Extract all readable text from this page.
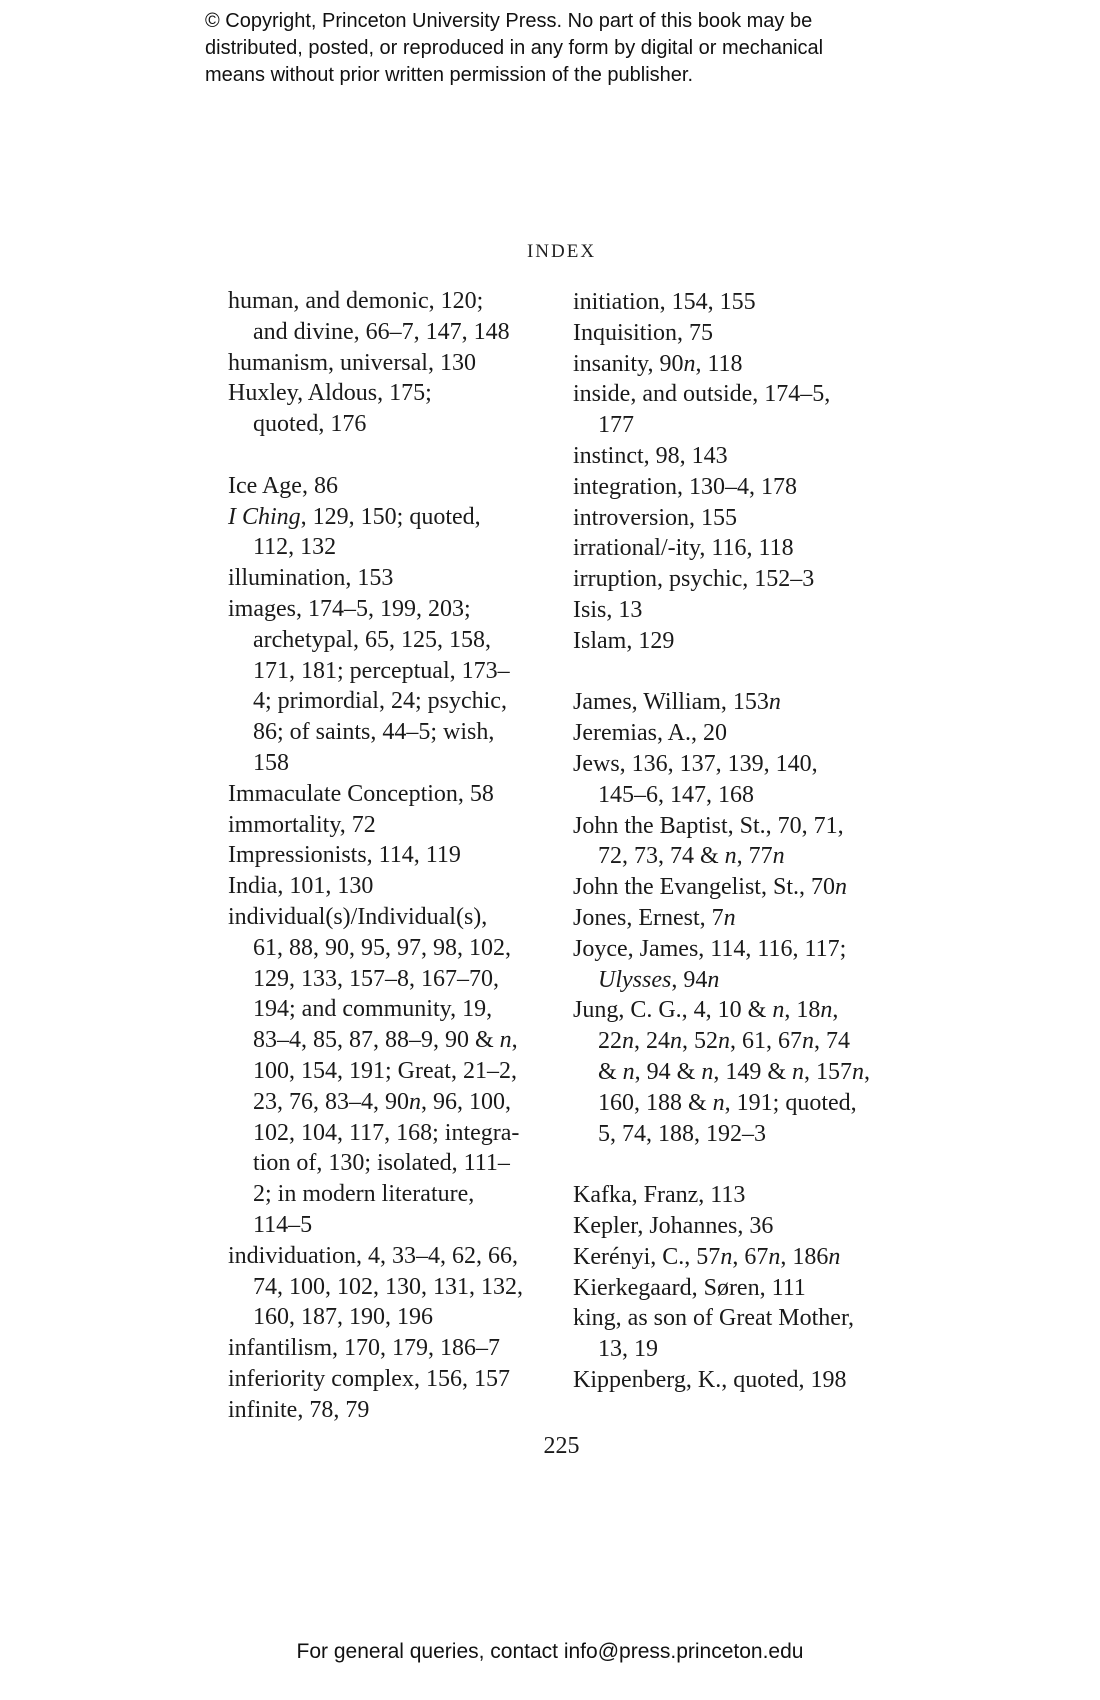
© Copyright, Princeton University Press. No part of this book may be
distributed, posted, or reproduced in any form by digital or mechanical
means without prior written permission of the publisher.
INDEX
human, and demonic, 120;
and divine, 66–7, 147, 148
humanism, universal, 130
Huxley, Aldous, 175;
quoted, 176
Ice Age, 86
I Ching, 129, 150; quoted,
112, 132
illumination, 153
images, 174–5, 199, 203;
archetypal, 65, 125, 158,
171, 181; perceptual, 173–
4; primordial, 24; psychic,
86; of saints, 44–5; wish,
158
Immaculate Conception, 58
immortality, 72
Impressionists, 114, 119
India, 101, 130
individual(s)/Individual(s),
61, 88, 90, 95, 97, 98, 102,
129, 133, 157–8, 167–70,
194; and community, 19,
83–4, 85, 87, 88–9, 90 & n,
100, 154, 191; Great, 21–2,
23, 76, 83–4, 90n, 96, 100,
102, 104, 117, 168; integra-
tion of, 130; isolated, 111–
2; in modern literature,
114–5
individuation, 4, 33–4, 62, 66,
74, 100, 102, 130, 131, 132,
160, 187, 190, 196
infantilism, 170, 179, 186–7
inferiority complex, 156, 157
infinite, 78, 79
initiation, 154, 155
Inquisition, 75
insanity, 90n, 118
inside, and outside, 174–5,
177
instinct, 98, 143
integration, 130–4, 178
introversion, 155
irrational/-ity, 116, 118
irruption, psychic, 152–3
Isis, 13
Islam, 129
James, William, 153n
Jeremias, A., 20
Jews, 136, 137, 139, 140,
145–6, 147, 168
John the Baptist, St., 70, 71,
72, 73, 74 & n, 77n
John the Evangelist, St., 70n
Jones, Ernest, 7n
Joyce, James, 114, 116, 117;
Ulysses, 94n
Jung, C. G., 4, 10 & n, 18n,
22n, 24n, 52n, 61, 67n, 74
& n, 94 & n, 149 & n, 157n,
160, 188 & n, 191; quoted,
5, 74, 188, 192–3
Kafka, Franz, 113
Kepler, Johannes, 36
Kerényi, C., 57n, 67n, 186n
Kierkegaard, Søren, 111
king, as son of Great Mother,
13, 19
Kippenberg, K., quoted, 198
225
For general queries, contact info@press.princeton.edu
